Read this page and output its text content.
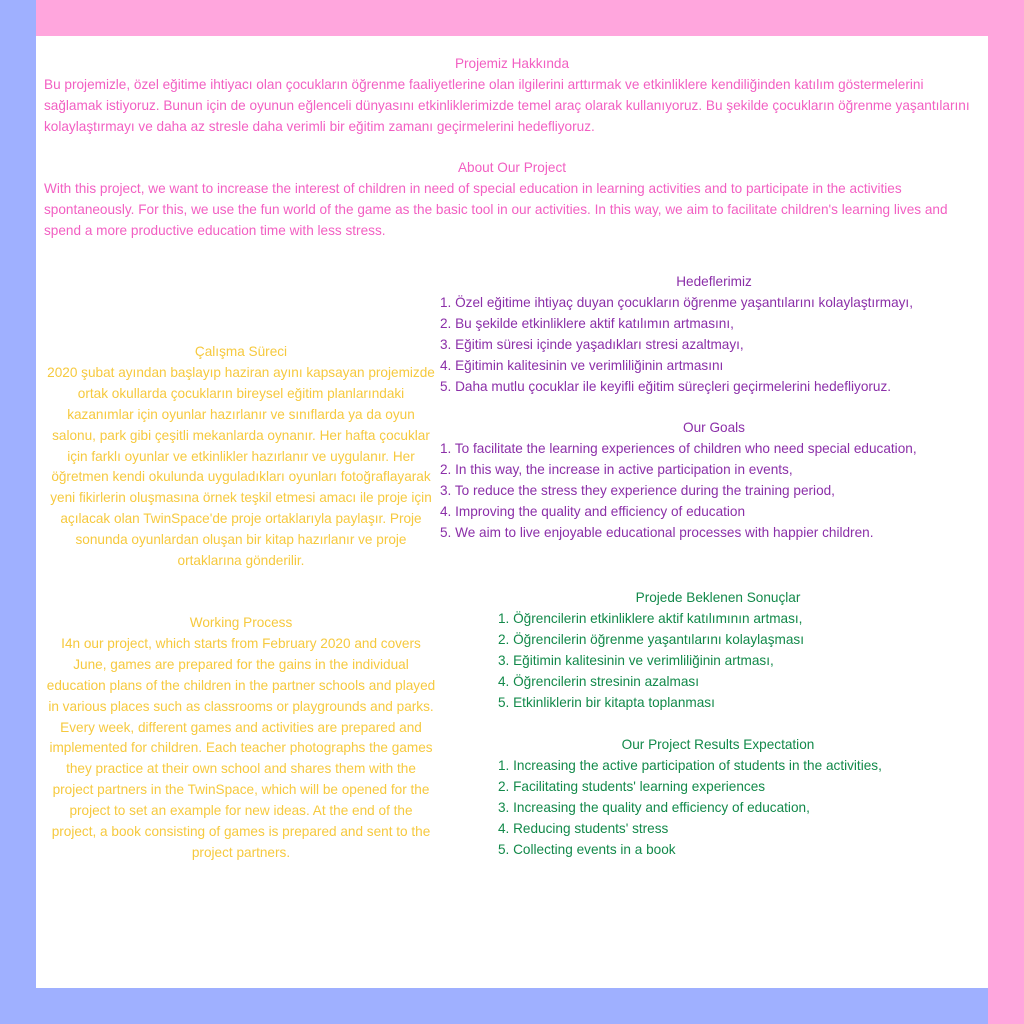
Projemiz Hakkında
Bu projemizle, özel eğitime ihtiyacı olan çocukların öğrenme faaliyetlerine olan ilgilerini arttırmak ve etkinliklere kendiliğinden katılım göstermelerini sağlamak istiyoruz. Bunun için de oyunun eğlenceli dünyasını etkinliklerimizde temel araç olarak kullanıyoruz. Bu şekilde çocukların öğrenme yaşantılarını kolaylaştırmayı ve daha az stresle daha verimli bir eğitim zamanı geçirmelerini hedefliyoruz.
About Our Project
With this project, we want to increase the interest of children in need of special education in learning activities and to participate in the activities spontaneously. For this, we use the fun world of the game as the basic tool in our activities. In this way, we aim to facilitate children's learning lives and spend a more productive education time with less stress.
Çalışma Süreci
2020 şubat ayından başlayıp haziran ayını kapsayan projemizde ortak okullarda çocukların bireysel eğitim planlarındaki kazanımlar için oyunlar hazırlanır ve sınıflarda ya da oyun salonu, park gibi çeşitli mekanlarda oynanır. Her hafta çocuklar için farklı oyunlar ve etkinlikler hazırlanır ve uygulanır. Her öğretmen kendi okulunda uyguladıkları oyunları fotoğraflayarak yeni fikirlerin oluşmasına örnek teşkil etmesi amacı ile proje için açılacak olan TwinSpace'de proje ortaklarıyla paylaşır. Proje sonunda oyunlardan oluşan bir kitap hazırlanır ve proje ortaklarına gönderilir.
Working Process
I4n our project, which starts from February 2020 and covers June, games are prepared for the gains in the individual education plans of the children in the partner schools and played in various places such as classrooms or playgrounds and parks. Every week, different games and activities are prepared and implemented for children. Each teacher photographs the games they practice at their own school and shares them with the project partners in the TwinSpace, which will be opened for the project to set an example for new ideas. At the end of the project, a book consisting of games is prepared and sent to the project partners.
Hedeflerimiz
1. Özel eğitime ihtiyaç duyan çocukların öğrenme yaşantılarını kolaylaştırmayı,
2. Bu şekilde etkinliklere aktif katılımın artmasını,
3. Eğitim süresi içinde yaşadıkları stresi azaltmayı,
4. Eğitimin kalitesinin ve verimliliğinin artmasını
5. Daha mutlu çocuklar ile keyifli eğitim süreçleri geçirmelerini hedefliyoruz.
Our Goals
1. To facilitate the learning experiences of children who need special education,
2. In this way, the increase in active participation in events,
3. To reduce the stress they experience during the training period,
4. Improving the quality and efficiency of education
5. We aim to live enjoyable educational processes with happier children.
Projede Beklenen Sonuçlar
1. Öğrencilerin etkinliklere aktif katılımının artması,
2. Öğrencilerin öğrenme yaşantılarını kolaylaşması
3. Eğitimin kalitesinin ve verimliliğinin artması,
4. Öğrencilerin stresinin azalması
5. Etkinliklerin bir kitapta toplanması
Our Project Results Expectation
1. Increasing the active participation of students in the activities,
2. Facilitating students' learning experiences
3. Increasing the quality and efficiency of education,
4. Reducing students' stress
5. Collecting events in a book
